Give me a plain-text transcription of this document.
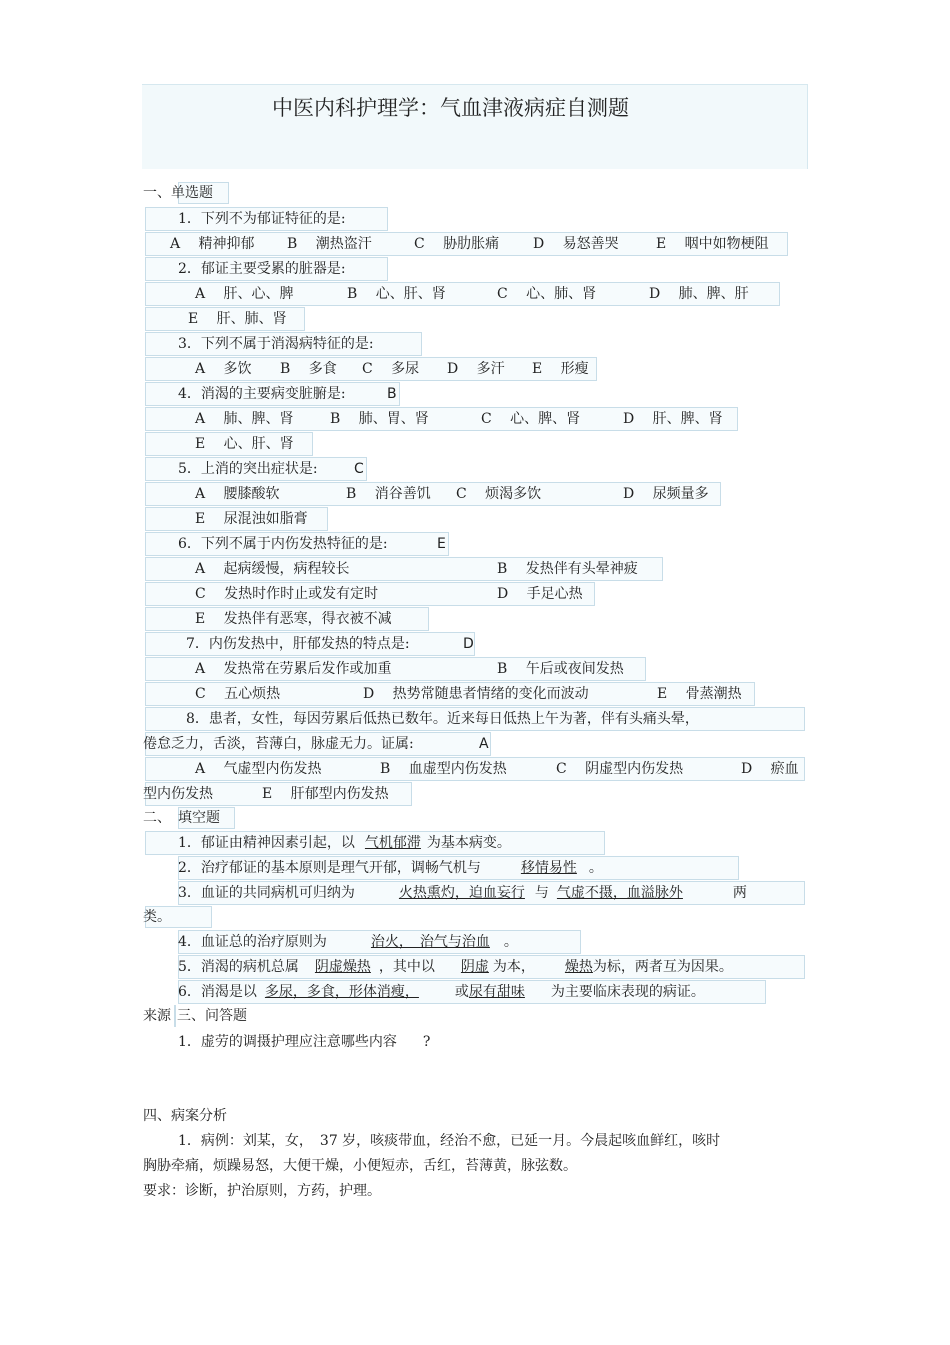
中医内科护理学：气血津液病症自测题
一、单选题
1．下列不为郁证特征的是:
A　 精神抑郁 B　 潮热盗汗	C　 胁肋胀痛 D　 易怒善哭	E　 咽中如物梗阻
2．郁证主要受累的脏器是:
A　 肝、心、脾	B　 心、肝、肾	C　 心、肺、肾	D　 肺、脾、肝
E　 肝、肺、肾
3．下列不属于消渴病特征的是:
A　 多饮 B　 多食 C　 多尿 D　 多汗 E　 形瘦
4．消渴的主要病变脏腑是:	B
A　 肺、脾、肾	B　 肺、胃、肾	C　 心、脾、肾	D　 肝、脾、肾
E　 心、肝、肾
5．上消的突出症状是:	C
A　 腰膝酸软	B　 消谷善饥 C　 烦渴多饮	D　 尿频量多
E　 尿混浊如脂膏
6．下列不属于内伤发热特征的是:	E
A　 起病缓慢，病程较长	B　 发热伴有头晕神疲
C　 发热时作时止或发有定时	D　 手足心热
E　 发热伴有恶寒，得衣被不减
7．内伤发热中，肝郁发热的特点是:	D
A　 发热常在劳累后发作或加重	B　 午后或夜间发热
C　 五心烦热	D　 热势常随患者情绪的变化而波动	E　 骨蒸潮热
8．患者，女性，每因劳累后低热已数年。近来每日低热上午为著，伴有头痛头晕，
倦怠乏力，舌淡，苔薄白，脉虚无力。证属:	A
A　 气虚型内伤发热	B　 血虚型内伤发热	C　 阴虚型内伤发热	D　 瘀血
型内伤发热	E　 肝郁型内伤发热
二、　填空题
1．郁证由精神因素引起，以 气机郁滞 为基本病变。
2．治疗郁证的基本原则是理气开郁，调畅气机与	移情易性 。
3．血证的共同病机可归纳为	火热熏灼，迫血妄行 与 气虚不摄，血溢脉外	两
类。
4．血证总的治疗原则为	治火，　治气与治血 。
5．消渴的病机总属 阴虚燥热 ，其中以 阴虚 为本， 燥热为标，两者互为因果。
6．消渴是以 多尿，多食，形体消瘦，	或尿有甜味 为主要临床表现的病证。
来源 三、问答题
1．虚劳的调摄护理应注意哪些内容 ?
四、病案分析
1．病例：刘某，女，　37 岁，咳痰带血，经治不愈，已延一月。今晨起咳血鲜红，咳时
胸胁牵痛，烦躁易怒，大便干燥，小便短赤，舌红，苔薄黄，脉弦数。
要求：诊断，护治原则，方药，护理。
